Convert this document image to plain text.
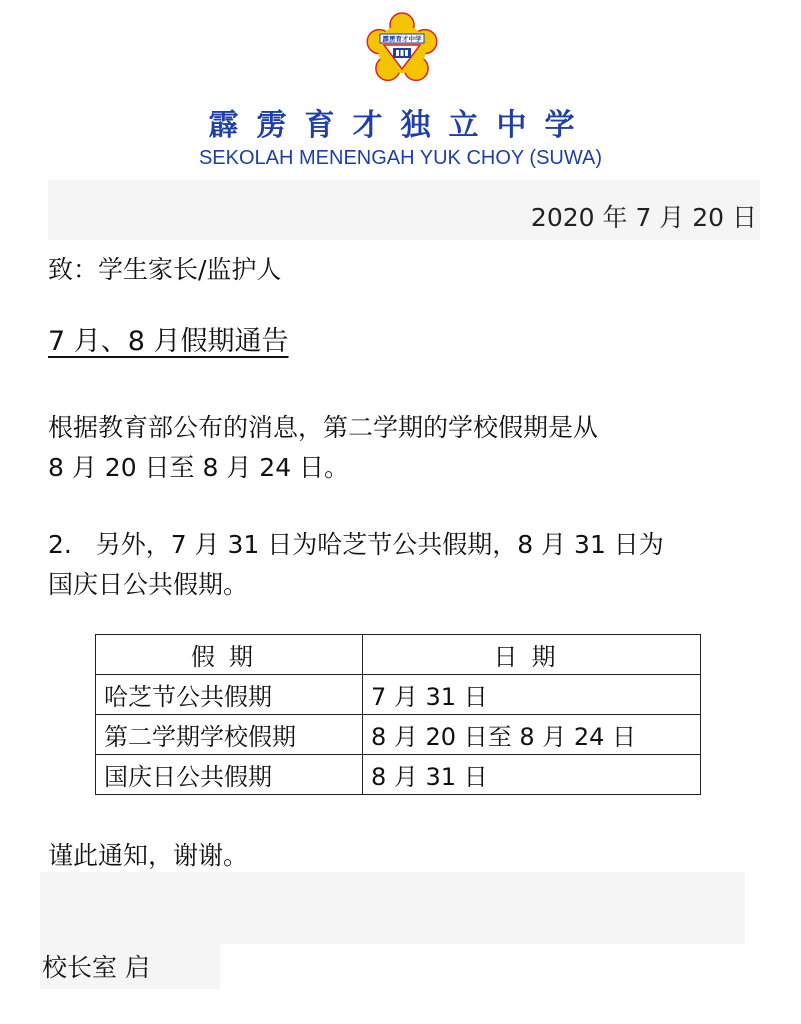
霹雳育才中学
霹雳育才独立中学
SEKOLAH MENENGAH YUK CHOY (SUWA)
2020 年 7 月 20 日
致：学生家长/监护人
7 月、8 月假期通告
根据教育部公布的消息，第二学期的学校假期是从
8 月 20 日至 8 月 24 日。
2.   另外，7 月 31 日为哈芝节公共假期，8 月 31 日为
国庆日公共假期。
假期	日期
哈芝节公共假期	7 月 31 日
第二学期学校假期	8 月 20 日至 8 月 24 日
国庆日公共假期	8 月 31 日
谨此通知，谢谢。
校长室 启
